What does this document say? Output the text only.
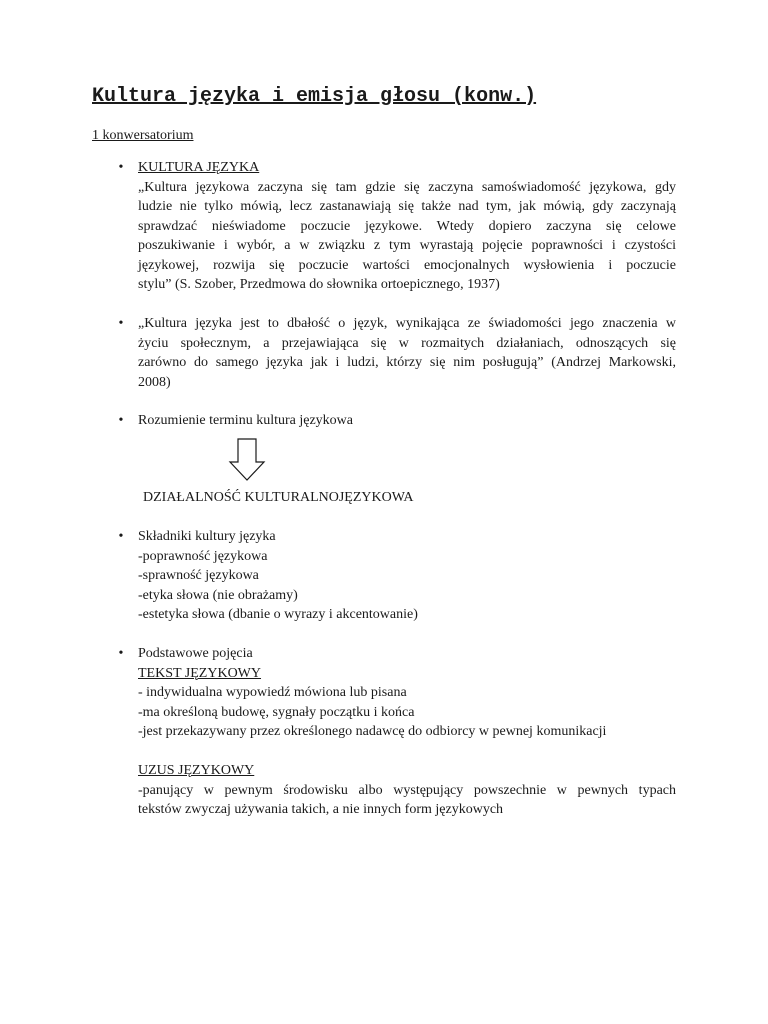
Kultura języka i emisja głosu (konw.)
1 konwersatorium
•	KULTURA JĘZYKA
„Kultura językowa zaczyna się tam gdzie się zaczyna samoświadomość językowa, gdy
ludzie nie tylko mówią, lecz zastanawiają się także nad tym, jak mówią, gdy zaczynają
sprawdzać nieświadome poczucie językowe. Wtedy dopiero zaczyna się celowe
poszukiwanie i wybór, a w związku z tym wyrastają pojęcie poprawności i czystości
językowej, rozwija się poczucie wartości emocjonalnych wysłowienia i poczucie
stylu” (S. Szober, Przedmowa do słownika ortoepicznego, 1937)
•	„Kultura języka jest to dbałość o język, wynikająca ze świadomości jego znaczenia w
życiu społecznym, a przejawiająca się w rozmaitych działaniach, odnoszących się
zarówno do samego języka jak i ludzi, którzy się nim posługują” (Andrzej Markowski,
2008)
•	Rozumienie terminu kultura językowa
DZIAŁALNOŚĆ KULTURALNOJĘZYKOWA
•	Składniki kultury języka
-poprawność językowa
-sprawność językowa
-etyka słowa (nie obrażamy)
-estetyka słowa (dbanie o wyrazy i akcentowanie)
•	Podstawowe pojęcia
TEKST JĘZYKOWY
- indywidualna wypowiedź mówiona lub pisana
-ma określoną budowę, sygnały początku i końca
-jest przekazywany przez określonego nadawcę do odbiorcy w pewnej komunikacji
UZUS JĘZYKOWY
-panujący w pewnym środowisku albo występujący powszechnie w pewnych typach
tekstów zwyczaj używania takich, a nie innych form językowych
